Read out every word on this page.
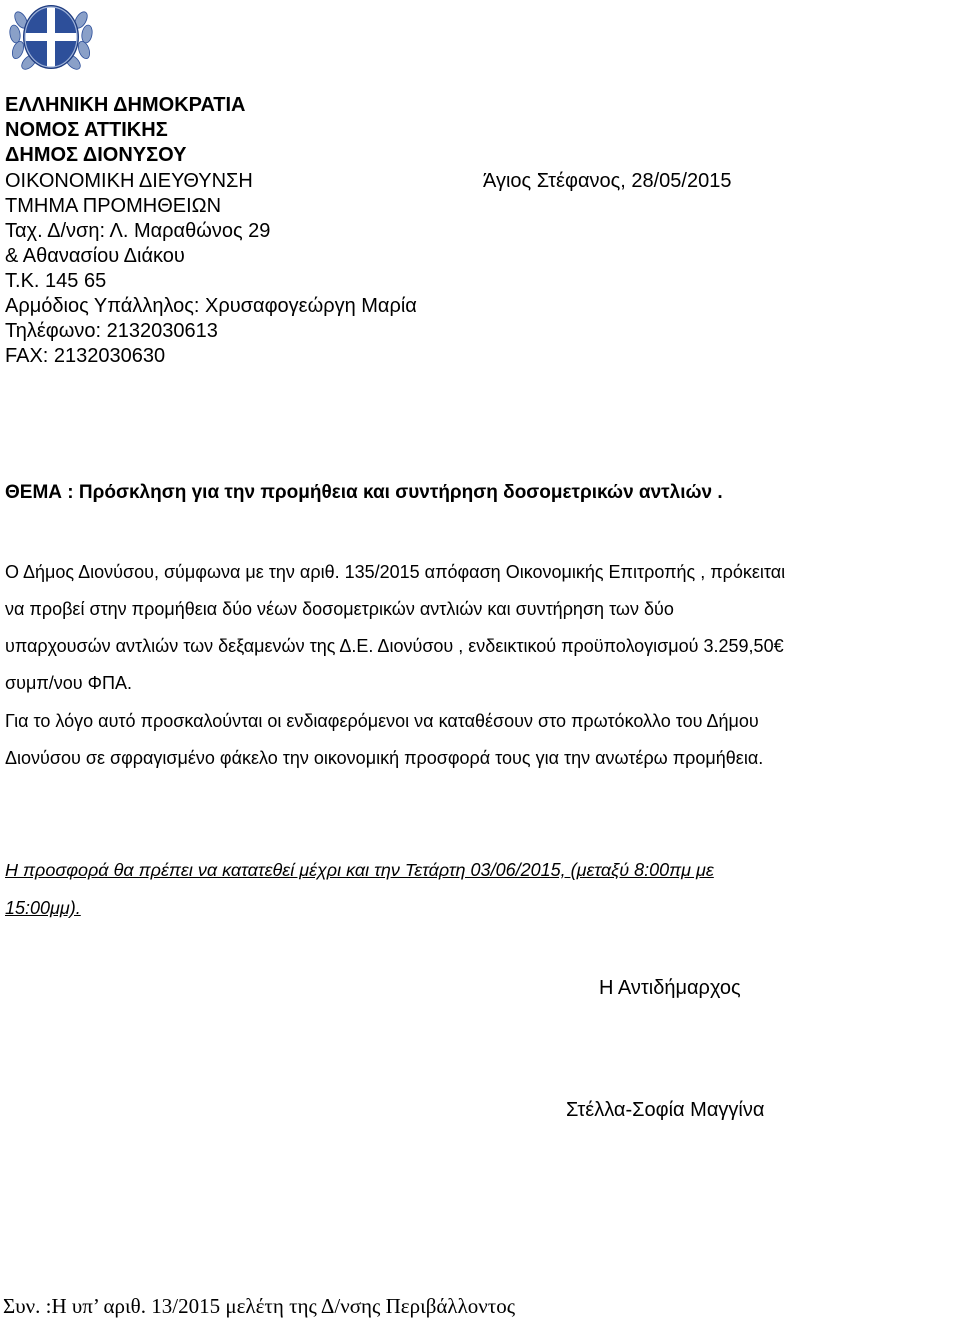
ΕΛΛΗΝΙΚΗ ΔΗΜΟΚΡΑΤΙΑ
ΝΟΜΟΣ ΑΤΤΙΚΗΣ
ΔΗΜΟΣ ΔΙΟΝΥΣΟΥ
ΟΙΚΟΝΟΜΙΚΗ ΔΙΕΥΘΥΝΣΗ
ΤΜΗΜΑ ΠΡΟΜΗΘΕΙΩΝ
Ταχ. Δ/νση: Λ. Μαραθώνος 29
& Αθανασίου Διάκου
Τ.Κ. 145 65
Αρμόδιος Υπάλληλος: Χρυσαφογεώργη Μαρία
Τηλέφωνο: 2132030613
FAX: 2132030630
Άγιος Στέφανος, 28/05/2015
ΘΕΜΑ : Πρόσκληση για την προμήθεια και συντήρηση δοσομετρικών αντλιών .
Ο Δήμος Διονύσου, σύμφωνα με την αριθ. 135/2015 απόφαση Οικονομικής Επιτροπής , πρόκειται
να προβεί στην προμήθεια δύο νέων δοσομετρικών αντλιών και συντήρηση των δύο
υπαρχουσών αντλιών των δεξαμενών της Δ.Ε. Διονύσου , ενδεικτικού προϋπολογισμού 3.259,50€
συμπ/νου ΦΠΑ.
Για το λόγο αυτό προσκαλούνται οι ενδιαφερόμενοι να καταθέσουν στο πρωτόκολλο του Δήμου
Διονύσου σε σφραγισμένο φάκελο την οικονομική προσφορά τους για την ανωτέρω προμήθεια.
Η προσφορά θα πρέπει να κατατεθεί μέχρι και την Τετάρτη 03/06/2015, (μεταξύ 8:00πμ με
15:00μμ).
Η Αντιδήμαρχος
Στέλλα-Σοφία Μαγγίνα
Συν. :Η υπ’ αριθ. 13/2015 μελέτη της Δ/νσης Περιβάλλοντος
